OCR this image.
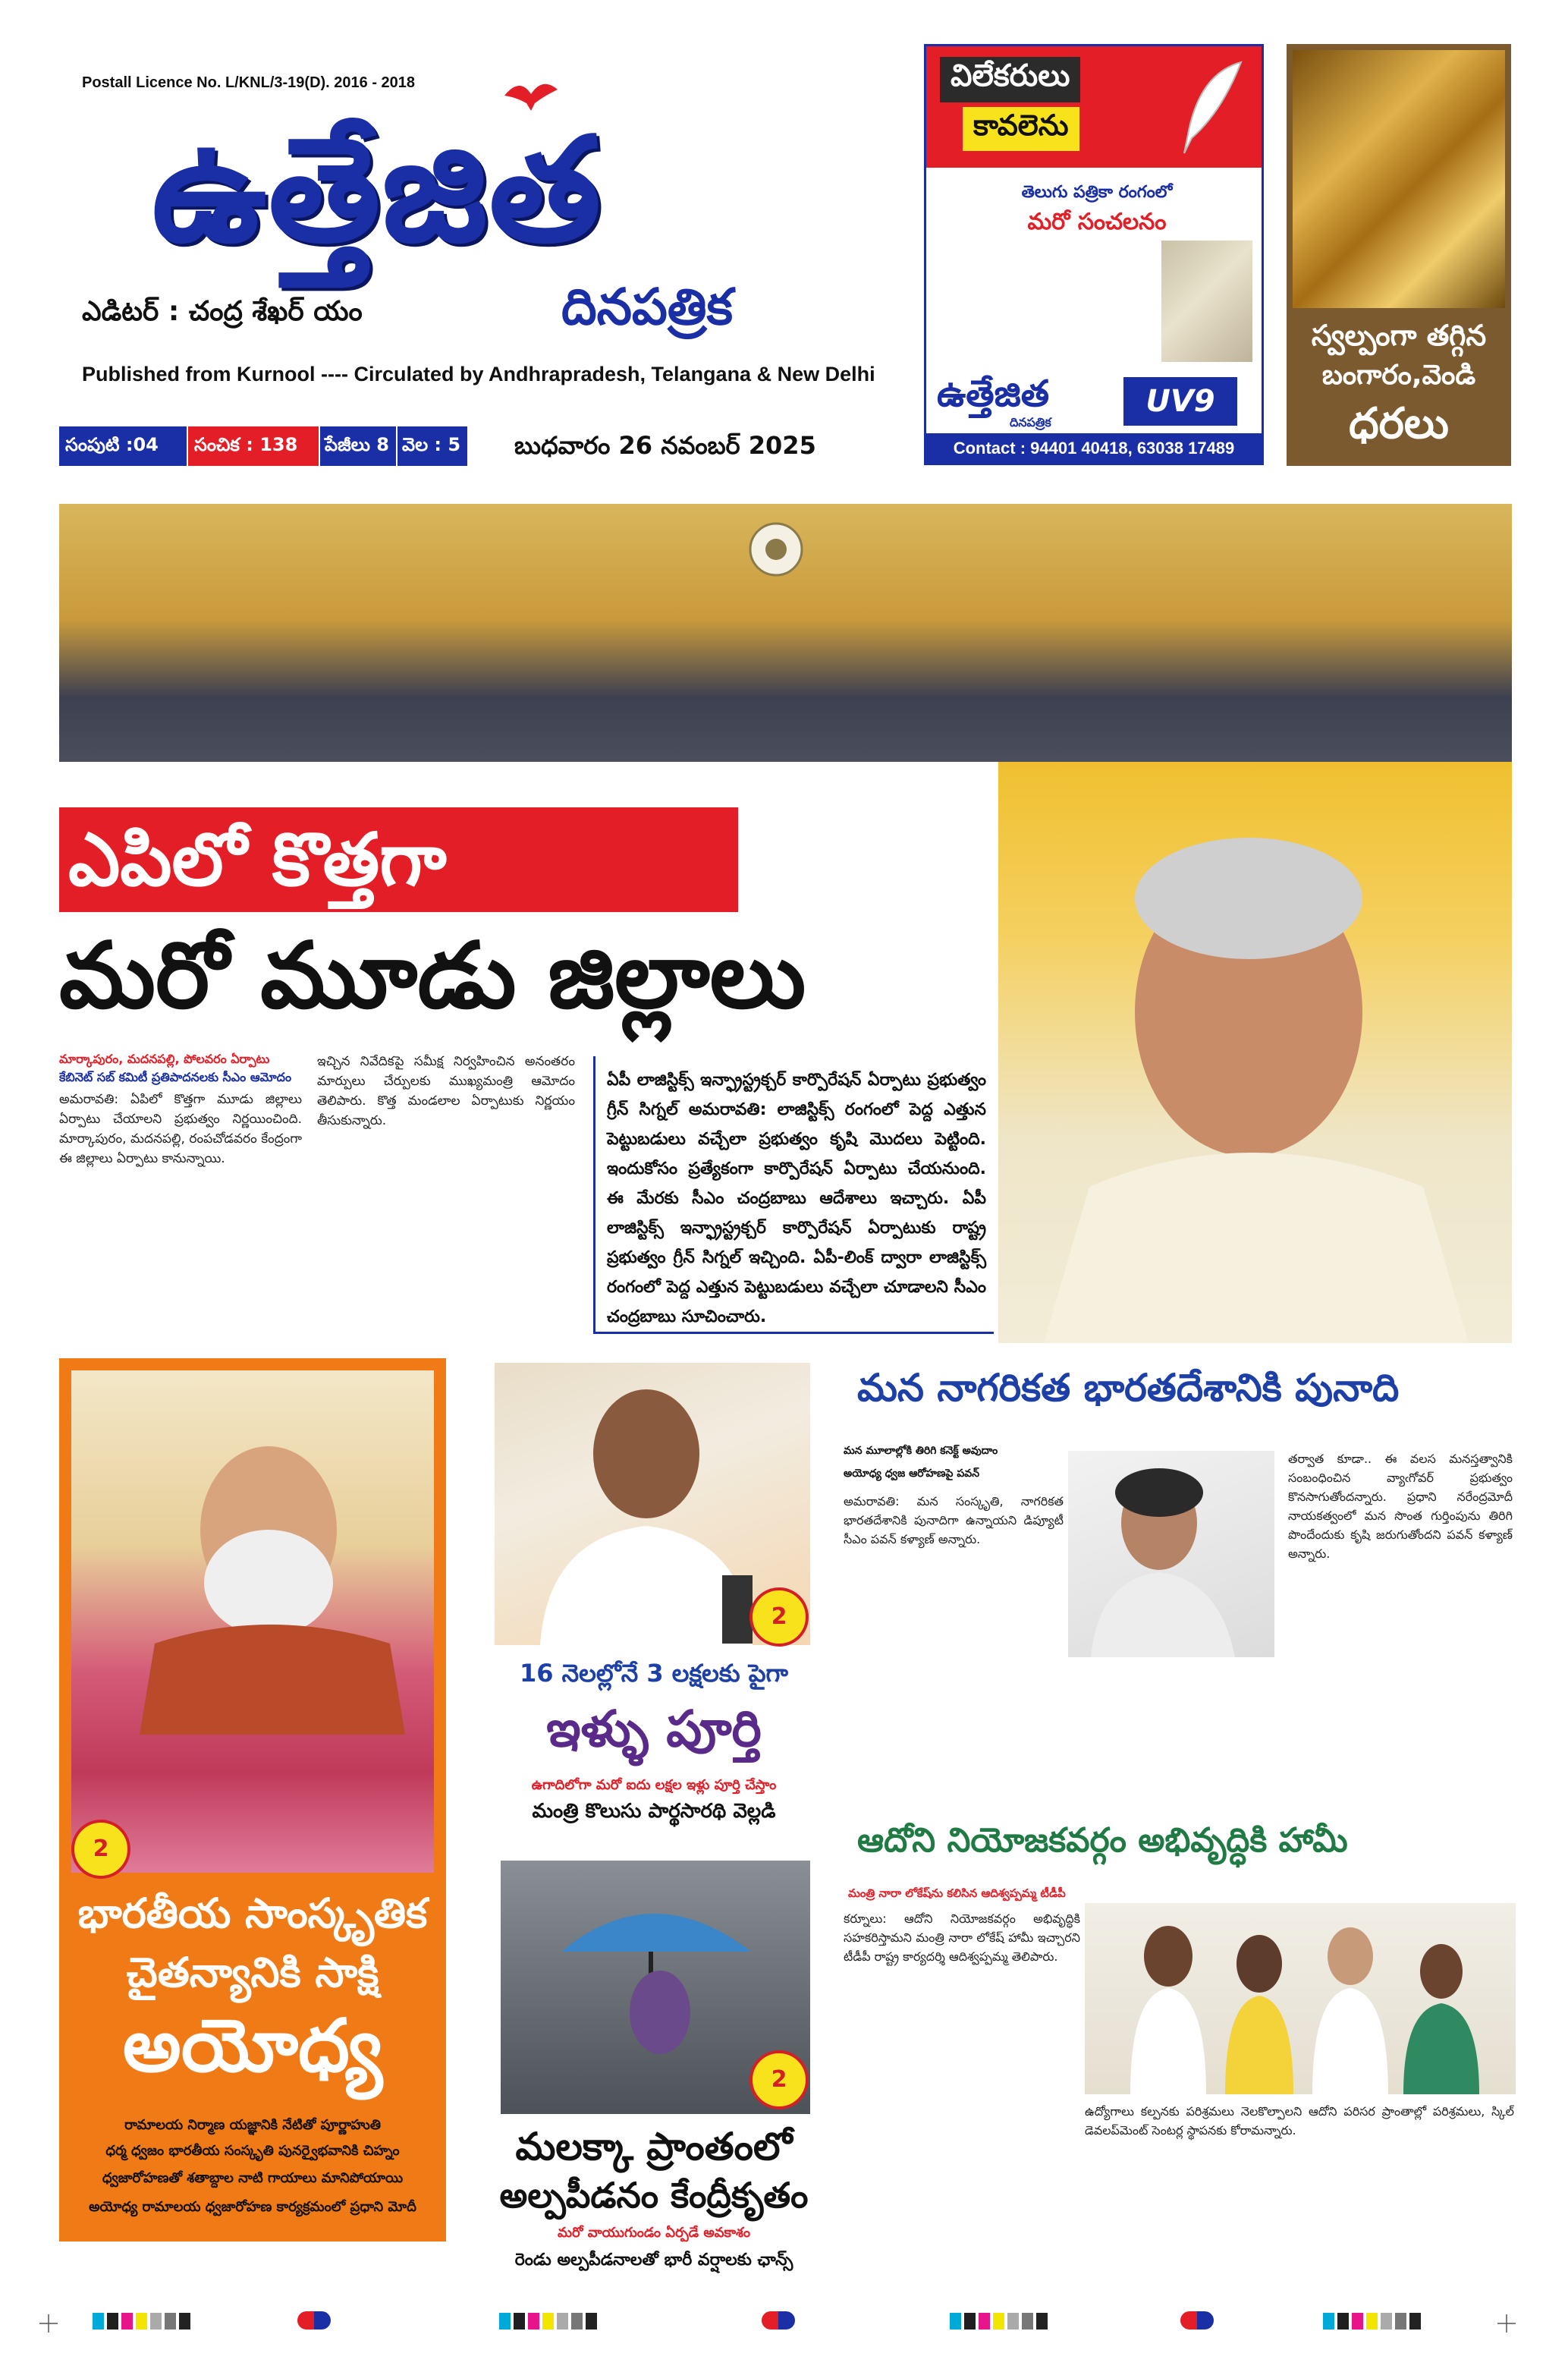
Postall Licence No. L/KNL/3-19(D). 2016 - 2018
ఉత్తేజిత
ఎడిటర్ : చంద్ర శేఖర్ యం	దినపత్రిక
Published from Kurnool ---- Circulated by Andhrapradesh, Telangana & New Delhi
సంపుటి :04	సంచిక : 138	పేజీలు 8 వెల : 5 బుధవారం 26 నవంబర్ 2025
విలేకరులు
కావలెను
తెలుగు పత్రికా రంగంలో
మరో సంచలనం
ఉత్తేజిత
దినపత్రిక
UV9
Contact : 94401 40418, 63038 17489
స్వల్పంగా తగ్గిన
బంగారం,వెండి
ధరలు
ఎపిలో కొత్తగా
మరో మూడు జిల్లాలు
మార్కాపురం, మదనపల్లి, పోలవరం ఏర్పాటు
కేబినెట్ సబ్ కమిటీ ప్రతిపాదనలకు సీఎం ఆమోదం
అమరావతి: ఏపిలో కొత్తగా మూడు జిల్లాలు ఏర్పాటు చేయాలని ప్రభుత్వం నిర్ణయించింది. మార్కాపురం, మదనపల్లి, రంపచోడవరం కేంద్రంగా ఈ జిల్లాలు ఏర్పాటు కానున్నాయి.
ఇచ్చిన నివేదికపై సమీక్ష నిర్వహించిన అనంతరం మార్పులు చేర్పులకు ముఖ్యమంత్రి ఆమోదం తెలిపారు. కొత్త మండలాల ఏర్పాటుకు నిర్ణయం తీసుకున్నారు.
ఏపీ లాజిస్టిక్స్ ఇన్ఫ్రాస్ట్రక్చర్ కార్పొరేషన్ ఏర్పాటు ప్రభుత్వం గ్రీన్ సిగ్నల్ అమరావతి: లాజిస్టిక్స్ రంగంలో పెద్ద ఎత్తున పెట్టుబడులు వచ్చేలా ప్రభుత్వం కృషి మొదలు పెట్టింది. ఇందుకోసం ప్రత్యేకంగా కార్పొరేషన్ ఏర్పాటు చేయనుంది. ఈ మేరకు సీఎం చంద్రబాబు ఆదేశాలు ఇచ్చారు. ఏపీ లాజిస్టిక్స్ ఇన్ఫ్రాస్ట్రక్చర్ కార్పొరేషన్ ఏర్పాటుకు రాష్ట్ర ప్రభుత్వం గ్రీన్ సిగ్నల్ ఇచ్చింది. ఏపీ-లింక్ ద్వారా లాజిస్టిక్స్ రంగంలో పెద్ద ఎత్తున పెట్టుబడులు వచ్చేలా చూడాలని సీఎం చంద్రబాబు సూచించారు.
2
భారతీయ సాంస్కృతిక
చైతన్యానికి సాక్షి
అయోధ్య
రామాలయ నిర్మాణ యజ్ఞానికి నేటితో పూర్ణాహుతి
ధర్మ ధ్వజం భారతీయ సంస్కృతి పునర్వైభవానికి చిహ్నం
ధ్వజారోహణతో శతాబ్దాల నాటి గాయాలు మానిపోయాయి
అయోధ్య రామాలయ ధ్వజారోహణ కార్యక్రమంలో ప్రధాని మోదీ
2
16 నెలల్లోనే 3 లక్షలకు పైగా
ఇళ్ళు పూర్తి
ఉగాదిలోగా మరో ఐదు లక్షల ఇళ్లు పూర్తి చేస్తాం
మంత్రి కొలుసు పార్థసారథి వెల్లడి
2
మలక్కా ప్రాంతంలో
అల్పపీడనం కేంద్రీకృతం
మరో వాయుగుండం ఏర్పడే అవకాశం
రెండు అల్పపీడనాలతో భారీ వర్షాలకు ఛాన్స్
మన నాగరికత భారతదేశానికి పునాది
మన మూలాల్లోకి తిరిగి కనెక్ట్ అవుదాం
అయోధ్య ధ్వజ ఆరోహణపై పవన్
అమరావతి: మన సంస్కృతి, నాగరికత భారతదేశానికి పునాదిగా ఉన్నాయని డిప్యూటీ సీఎం పవన్ కళ్యాణ్ అన్నారు.
తర్వాత కూడా.. ఈ వలస మనస్తత్వానికి సంబంధించిన వ్యాఁగోవర్ ప్రభుత్వం కొనసాగుతోందన్నారు. ప్రధాని నరేంద్రమోదీ నాయకత్వంలో మన సొంత గుర్తింపును తిరిగి పొందేందుకు కృషి జరుగుతోందని పవన్ కళ్యాణ్ అన్నారు.
ఆదోని నియోజకవర్గం అభివృద్ధికి హామీ
మంత్రి నారా లోకేష్‌ను కలిసిన ఆదిశ్వప్పమ్మ టీడీపీ
కర్నూలు: ఆదోని నియోజకవర్గం అభివృద్ధికి సహకరిస్తామని మంత్రి నారా లోకేష్ హామీ ఇచ్చారని టీడీపీ రాష్ట్ర కార్యదర్శి ఆదిశ్వప్పమ్మ తెలిపారు.
ఉద్యోగాలు కల్పనకు పరిశ్రమలు నెలకొల్పాలని ఆదోని పరిసర ప్రాంతాల్లో పరిశ్రమలు, స్కిల్ డెవలప్‌మెంట్ సెంటర్ల స్థాపనకు కోరామన్నారు.
